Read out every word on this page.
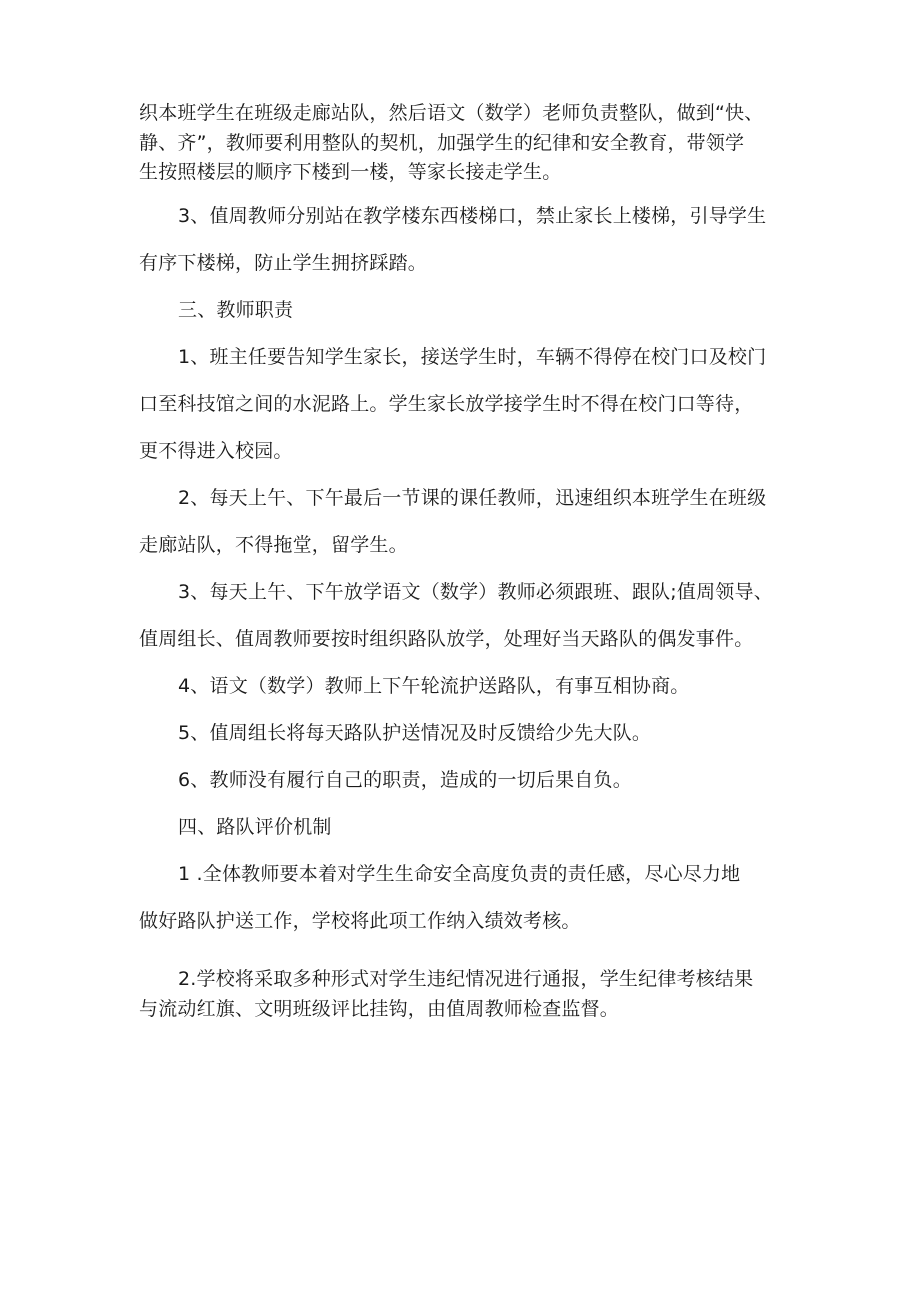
织本班学生在班级走廊站队，然后语文（数学）老师负责整队，做到“快、
静、齐”，教师要利用整队的契机，加强学生的纪律和安全教育，带领学
生按照楼层的顺序下楼到一楼，等家长接走学生。
3、值周教师分别站在教学楼东西楼梯口，禁止家长上楼梯，引导学生
有序下楼梯，防止学生拥挤踩踏。
三、教师职责
1、班主任要告知学生家长，接送学生时，车辆不得停在校门口及校门
口至科技馆之间的水泥路上。学生家长放学接学生时不得在校门口等待，
更不得进入校园。
2、每天上午、下午最后一节课的课任教师，迅速组织本班学生在班级
走廊站队，不得拖堂，留学生。
3、每天上午、下午放学语文（数学）教师必须跟班、跟队;值周领导、
值周组长、值周教师要按时组织路队放学，处理好当天路队的偶发事件。
4、语文（数学）教师上下午轮流护送路队，有事互相协商。
5、值周组长将每天路队护送情况及时反馈给少先大队。
6、教师没有履行自己的职责，造成的一切后果自负。
四、路队评价机制
1 .全体教师要本着对学生生命安全高度负责的责任感，尽心尽力地
做好路队护送工作，学校将此项工作纳入绩效考核。
2.学校将采取多种形式对学生违纪情况进行通报，学生纪律考核结果
与流动红旗、文明班级评比挂钩，由值周教师检查监督。
